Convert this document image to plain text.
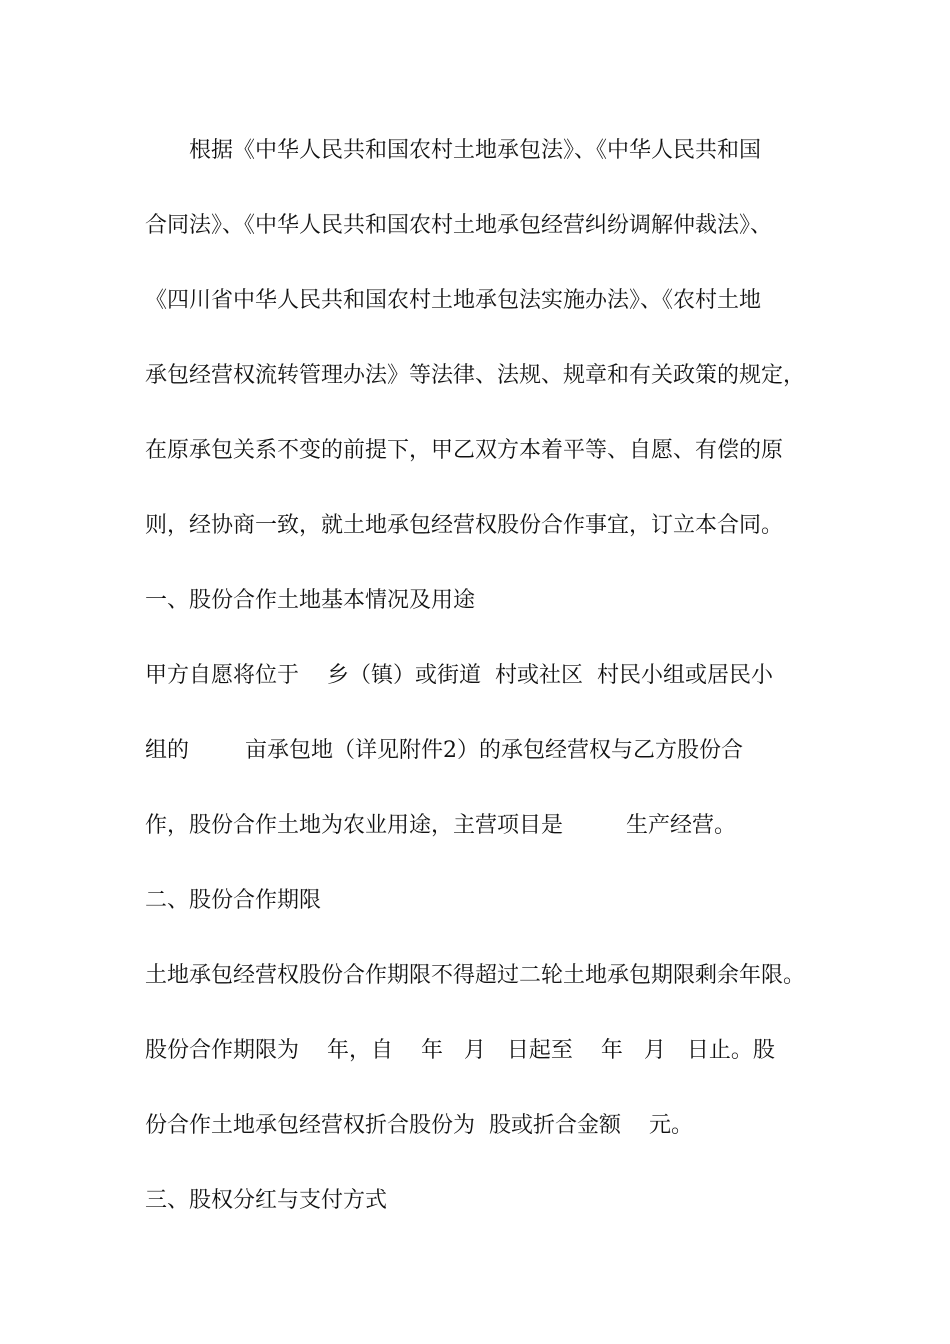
根据《中华人民共和国农村土地承包法》、《中华人民共和国
合同法》、《中华人民共和国农村土地承包经营纠纷调解仲裁法》、
《四川省中华人民共和国农村土地承包法实施办法》、《农村土地
承包经营权流转管理办法》等法律、法规、规章和有关政策的规定，
在原承包关系不变的前提下，甲乙双方本着平等、自愿、有偿的原
则，经协商一致，就土地承包经营权股份合作事宜，订立本合同。
一、股份合作土地基本情况及用途
甲方自愿将位于    乡（镇）或街道  村或社区  村民小组或居民小
组的        亩承包地（详见附件2）的承包经营权与乙方股份合
作，股份合作土地为农业用途，主营项目是         生产经营。
二、股份合作期限
土地承包经营权股份合作期限不得超过二轮土地承包期限剩余年限。
股份合作期限为    年，自    年   月   日起至    年   月   日止。股
份合作土地承包经营权折合股份为  股或折合金额    元。
三、股权分红与支付方式
